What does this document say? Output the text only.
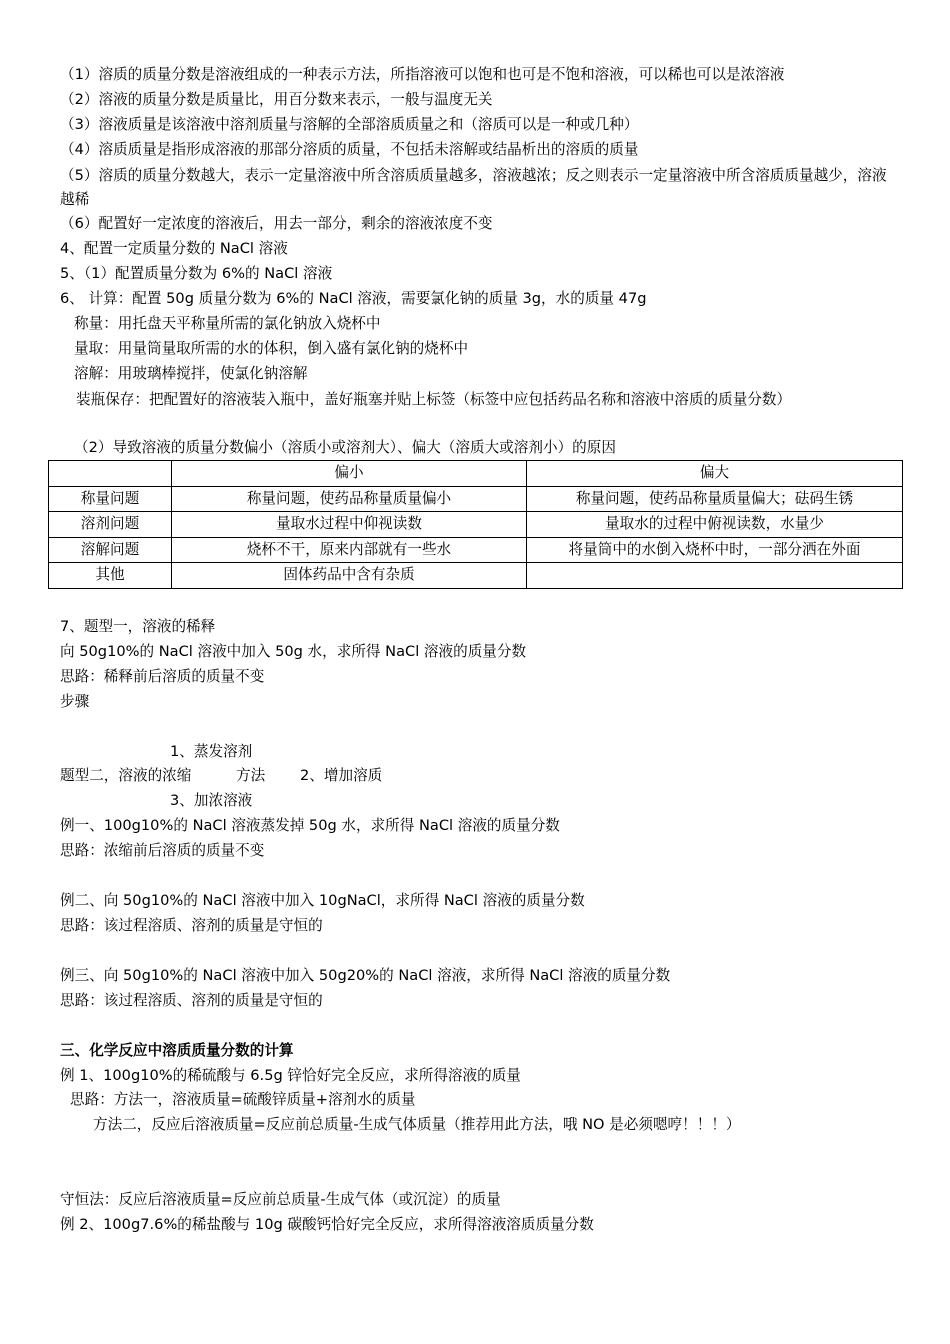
（1）溶质的质量分数是溶液组成的一种表示方法，所指溶液可以饱和也可是不饱和溶液，可以稀也可以是浓溶液
（2）溶液的质量分数是质量比，用百分数来表示，一般与温度无关
（3）溶液质量是该溶液中溶剂质量与溶解的全部溶质质量之和（溶质可以是一种或几种）
（4）溶质质量是指形成溶液的那部分溶质的质量，不包括未溶解或结晶析出的溶质的质量
（5）溶质的质量分数越大，表示一定量溶液中所含溶质质量越多，溶液越浓；反之则表示一定量溶液中所含溶质质量越少，溶液越稀
（6）配置好一定浓度的溶液后，用去一部分，剩余的溶液浓度不变
4、配置一定质量分数的 NaCl 溶液
5、（1）配置质量分数为 6%的 NaCl 溶液
6、 计算：配置 50g 质量分数为 6%的 NaCl 溶液，需要氯化钠的质量 3g，水的质量 47g
称量：用托盘天平称量所需的氯化钠放入烧杯中
量取：用量筒量取所需的水的体积，倒入盛有氯化钠的烧杯中
溶解：用玻璃棒搅拌，使氯化钠溶解
装瓶保存：把配置好的溶液装入瓶中，盖好瓶塞并贴上标签（标签中应包括药品名称和溶液中溶质的质量分数）
（2）导致溶液的质量分数偏小（溶质小或溶剂大）、偏大（溶质大或溶剂小）的原因
	偏小	偏大
称量问题	称量问题，使药品称量质量偏小	称量问题，使药品称量质量偏大；砝码生锈
溶剂问题	量取水过程中仰视读数	量取水的过程中俯视读数，水量少
溶解问题	烧杯不干，原来内部就有一些水	将量筒中的水倒入烧杯中时，一部分洒在外面
其他	固体药品中含有杂质	
7、题型一，溶液的稀释
向 50g10%的 NaCl 溶液中加入 50g 水，求所得 NaCl 溶液的质量分数
思路：稀释前后溶质的质量不变
步骤
1、蒸发溶剂
题型二，溶液的浓缩	方法 2、增加溶质
3、加浓溶液
例一、100g10%的 NaCl 溶液蒸发掉 50g 水，求所得 NaCl 溶液的质量分数
思路：浓缩前后溶质的质量不变
例二、向 50g10%的 NaCl 溶液中加入 10gNaCl，求所得 NaCl 溶液的质量分数
思路：该过程溶质、溶剂的质量是守恒的
例三、向 50g10%的 NaCl 溶液中加入 50g20%的 NaCl 溶液，求所得 NaCl 溶液的质量分数
思路：该过程溶质、溶剂的质量是守恒的
三、化学反应中溶质质量分数的计算
例 1、100g10%的稀硫酸与 6.5g 锌恰好完全反应，求所得溶液的质量
思路：方法一，溶液质量=硫酸锌质量+溶剂水的质量
方法二，反应后溶液质量=反应前总质量-生成气体质量（推荐用此方法，哦 NO 是必须嗯哼！！！）
守恒法：反应后溶液质量=反应前总质量-生成气体（或沉淀）的质量
例 2、100g7.6%的稀盐酸与 10g 碳酸钙恰好完全反应，求所得溶液溶质质量分数
